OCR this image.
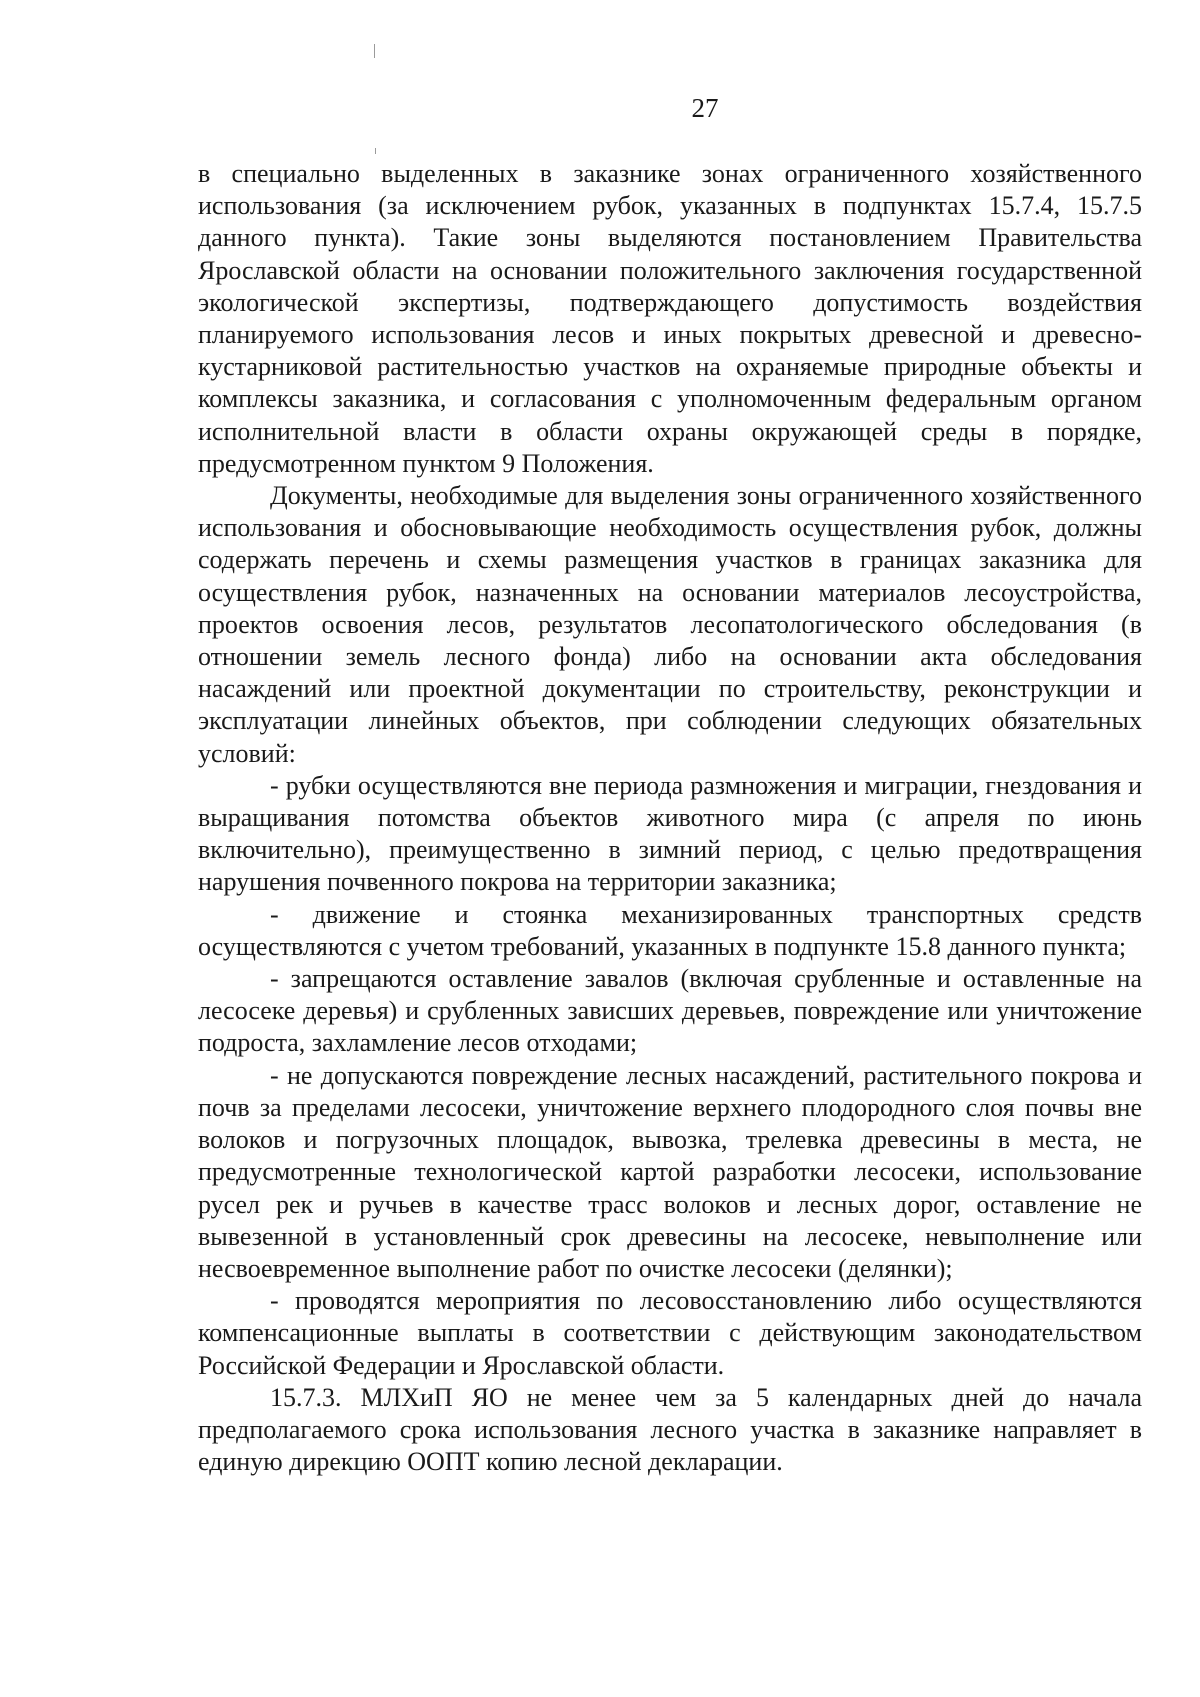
27

в специально выделенных в заказнике зонах ограниченного хозяйственного использования (за исключением рубок, указанных в подпунктах 15.7.4, 15.7.5 данного пункта). Такие зоны выделяются постановлением Правительства Ярославской области на основании положительного заключения государственной экологической экспертизы, подтверждающего допустимость воздействия планируемого использования лесов и иных покрытых древесной и древесно-кустарниковой растительностью участков на охраняемые природные объекты и комплексы заказника, и согласования с уполномоченным федеральным органом исполнительной власти в области охраны окружающей среды в порядке, предусмотренном пунктом 9 Положения.

Документы, необходимые для выделения зоны ограниченного хозяйственного использования и обосновывающие необходимость осуществления рубок, должны содержать перечень и схемы размещения участков в границах заказника для осуществления рубок, назначенных на основании материалов лесоустройства, проектов освоения лесов, результатов лесопатологического обследования (в отношении земель лесного фонда) либо на основании акта обследования насаждений или проектной документации по строительству, реконструкции и эксплуатации линейных объектов, при соблюдении следующих обязательных условий:

- рубки осуществляются вне периода размножения и миграции, гнездования и выращивания потомства объектов животного мира (с апреля по июнь включительно), преимущественно в зимний период, с целью предотвращения нарушения почвенного покрова на территории заказника;

- движение и стоянка механизированных транспортных средств осуществляются с учетом требований, указанных в подпункте 15.8 данного пункта;

- запрещаются оставление завалов (включая срубленные и оставленные на лесосеке деревья) и срубленных зависших деревьев, повреждение или уничтожение подроста, захламление лесов отходами;

- не допускаются повреждение лесных насаждений, растительного покрова и почв за пределами лесосеки, уничтожение верхнего плодородного слоя почвы вне волоков и погрузочных площадок, вывозка, трелевка древесины в места, не предусмотренные технологической картой разработки лесосеки, использование русел рек и ручьев в качестве трасс волоков и лесных дорог, оставление не вывезенной в установленный срок древесины на лесосеке, невыполнение или несвоевременное выполнение работ по очистке лесосеки (делянки);

- проводятся мероприятия по лесовосстановлению либо осуществляются компенсационные выплаты в соответствии с действующим законодательством Российской Федерации и Ярославской области.

15.7.3. МЛХиП ЯО не менее чем за 5 календарных дней до начала предполагаемого срока использования лесного участка в заказнике направляет в единую дирекцию ООПТ копию лесной декларации.
